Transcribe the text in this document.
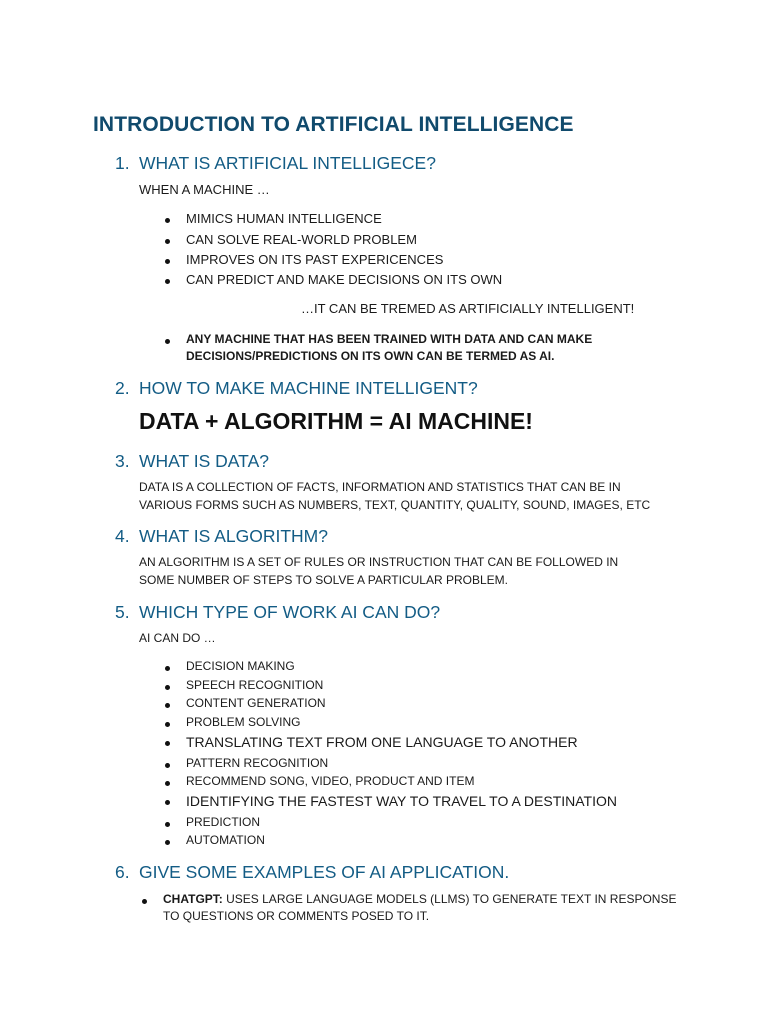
INTRODUCTION TO ARTIFICIAL INTELLIGENCE
1. WHAT IS ARTIFICIAL INTELLIGECE?
WHEN A MACHINE …
MIMICS HUMAN INTELLIGENCE
CAN SOLVE REAL-WORLD PROBLEM
IMPROVES ON ITS PAST EXPERICENCES
CAN PREDICT AND MAKE DECISIONS ON ITS OWN
…IT CAN BE TREMED AS ARTIFICIALLY INTELLIGENT!
ANY MACHINE THAT HAS BEEN TRAINED WITH DATA AND CAN MAKE
DECISIONS/PREDICTIONS ON ITS OWN CAN BE TERMED AS AI.
2. HOW TO MAKE MACHINE INTELLIGENT?
DATA + ALGORITHM = AI MACHINE!
3. WHAT IS DATA?
DATA IS A COLLECTION OF FACTS, INFORMATION AND STATISTICS THAT CAN BE IN
VARIOUS FORMS SUCH AS NUMBERS, TEXT, QUANTITY, QUALITY, SOUND, IMAGES, ETC
4. WHAT IS ALGORITHM?
AN ALGORITHM IS A SET OF RULES OR INSTRUCTION THAT CAN BE FOLLOWED IN
SOME NUMBER OF STEPS TO SOLVE A PARTICULAR PROBLEM.
5. WHICH TYPE OF WORK AI CAN DO?
AI CAN DO …
DECISION MAKING
SPEECH RECOGNITION
CONTENT GENERATION
PROBLEM SOLVING
TRANSLATING TEXT FROM ONE LANGUAGE TO ANOTHER
PATTERN RECOGNITION
RECOMMEND SONG, VIDEO, PRODUCT AND ITEM
IDENTIFYING THE FASTEST WAY TO TRAVEL TO A DESTINATION
PREDICTION
AUTOMATION
6. GIVE SOME EXAMPLES OF AI APPLICATION.
CHATGPT: USES LARGE LANGUAGE MODELS (LLMS) TO GENERATE TEXT IN RESPONSE
TO QUESTIONS OR COMMENTS POSED TO IT.
